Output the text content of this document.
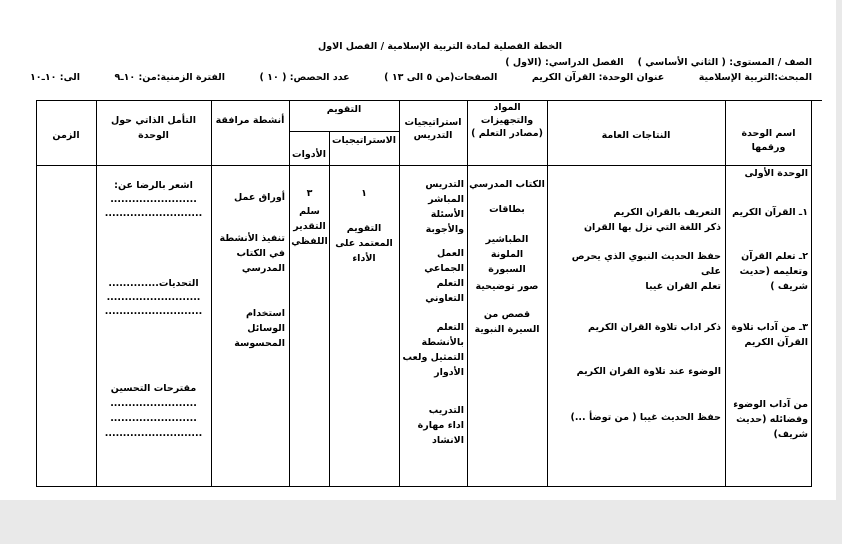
الخطة الفصلية لمادة التربية الإسلامية / الفصل الاول
الصف / المستوى: ( الثاني الأساسي )
الفصل الدراسي: (الاول )
المبحث:التربية الإسلامية
عنوان الوحدة: القرآن الكريم
الصفحات(من ٥ الى ١٣ )
عدد الحصص: ( ١٠ )
الفترة الزمنية:من: ١٠ـ٩
الى: ١٠ـ١٠
اسم الوحدة
ورقمها
النتاجات العامة
المواد
والتجهيزات
(مصادر التعلم )
استراتيجيات
التدريس
التقويم
الاستراتيجيات
الأدوات
أنشطة مرافقة
التأمل الذاتي حول الوحدة
الزمن
الوحدة الأولى
١ـ القرآن الكريم
٢ـ تعلم القرآن
وتعليمه (حديث
شريف )
٣ـ من آداب تلاوة
القرآن الكريم
من آداب الوضوء
وفضائله (حديث
شريف)
التعريف بالقران الكريم
ذكر اللغة التي نزل بها القران
حفظ الحديث النبوي الذي يحرص على
تعلم القران غيبا
ذكر اداب تلاوة القران الكريم
الوضوء عند تلاوة القران الكريم
حفظ الحديث غيبا ( من توضأ ...)
الكتاب المدرسي
بطاقات
الطباشير الملونة
السبورة
صور توضيحية
قصص من
السيرة النبوية
التدريس
المباشر
الأسئلة
والأجوبة
العمل
الجماعي
التعلم
التعاوني
التعلم
بالأنشطة
التمثيل ولعب
الأدوار
التدريب
اداء مهارة
الانشاد
١
التقويم
المعتمد على
الأداء
٣
سلم
التقدير
اللفظي
أوراق عمل
تنفيذ الأنشطة
في الكتاب
المدرسي
استخدام
الوسائل
المحسوسة
اشعر بالرضا عن:
........................
...........................
التحديات..............
..........................
...........................
مقترحات التحسين
........................
........................
...........................
